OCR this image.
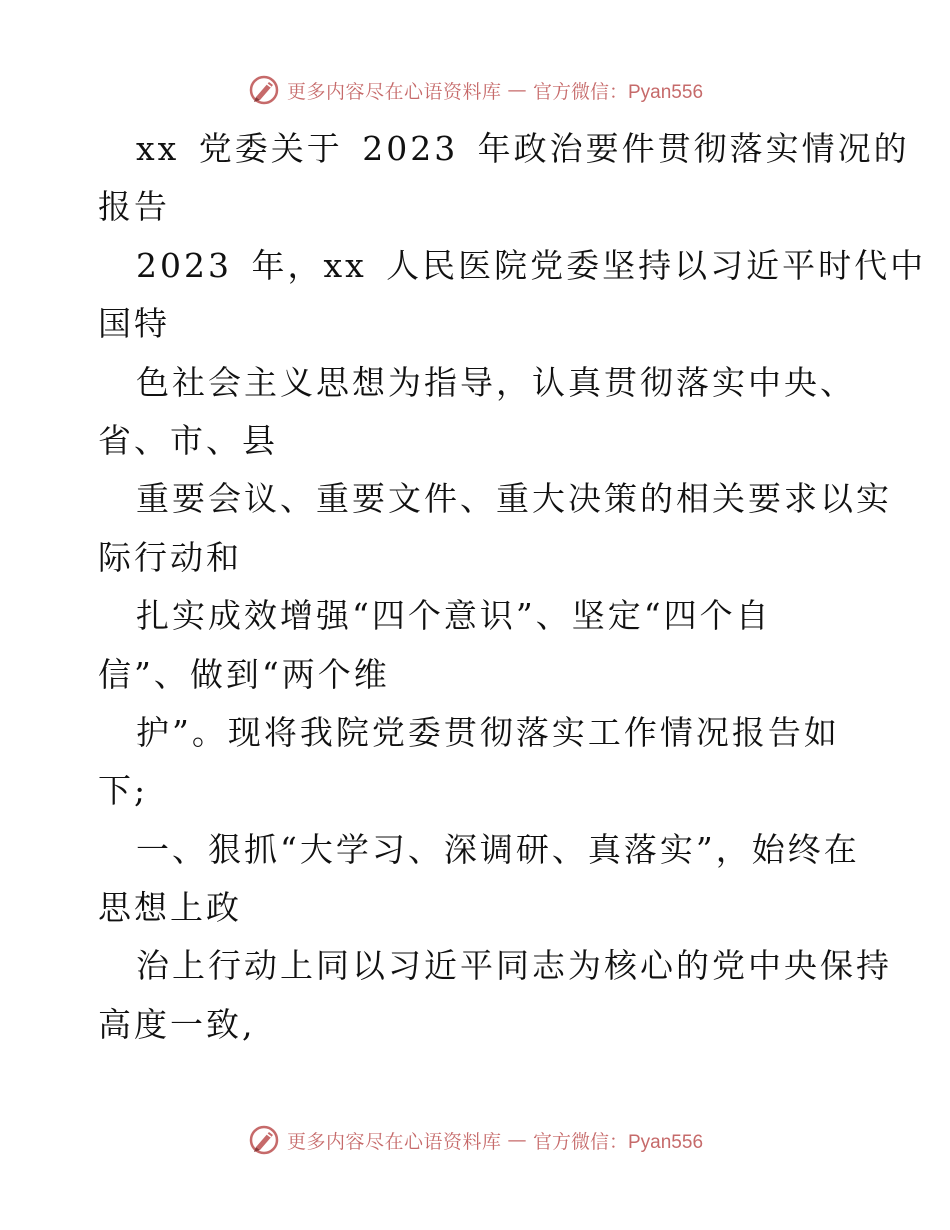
更多内容尽在心语资料库 — 官方微信：Pyan556
xx 党委关于 2023 年政治要件贯彻落实情况的
报告
2023 年，xx 人民医院党委坚持以习近平时代中
国特
色社会主义思想为指导，认真贯彻落实中央、
省、市、县
重要会议、重要文件、重大决策的相关要求以实
际行动和
扎实成效增强“四个意识”、坚定“四个自
信”、做到“两个维
护”。现将我院党委贯彻落实工作情况报告如
下;
一、狠抓“大学习、深调研、真落实”，始终在
思想上政
治上行动上同以习近平同志为核心的党中央保持
高度一致,
更多内容尽在心语资料库 — 官方微信：Pyan556
